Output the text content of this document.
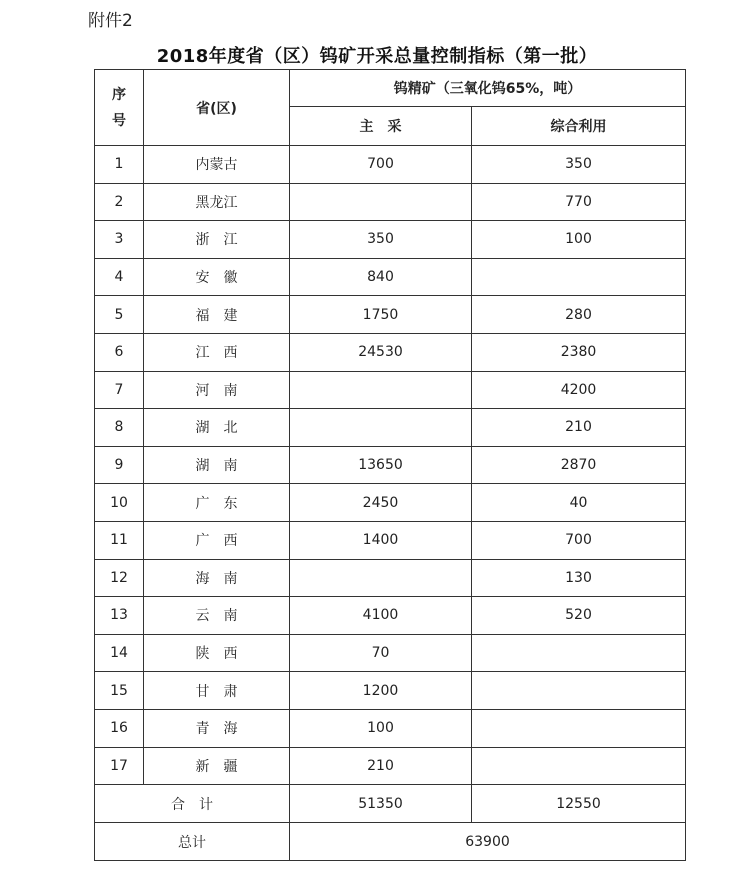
附件2
2018年度省（区）钨矿开采总量控制指标（第一批）
序
号	省(区)	钨精矿（三氧化钨65%，吨）	
		主　采	综合利用
1	内蒙古	700	350
2	黑龙江		770
3	浙　江	350	100
4	安　徽	840	
5	福　建	1750	280
6	江　西	24530	2380
7	河　南		4200
8	湖　北		210
9	湖　南	13650	2870
10	广　东	2450	40
11	广　西	1400	700
12	海　南		130
13	云　南	4100	520
14	陕　西	70	
15	甘　肃	1200	
16	青　海	100	
17	新　疆	210	
合　计		51350	12550
总计		63900	
